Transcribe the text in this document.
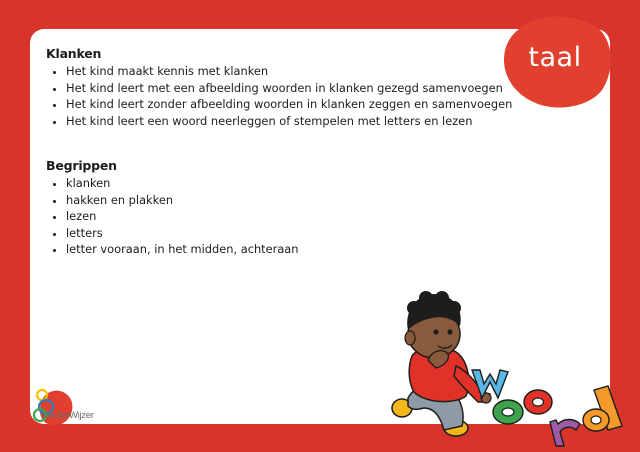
Klanken
• Het kind maakt kennis met klanken
• Het kind leert met een afbeelding woorden in klanken gezegd samenvoegen
• Het kind leert zonder afbeelding woorden in klanken zeggen en samenvoegen
• Het kind leert een woord neerleggen of stempelen met letters en lezen
Begrippen
• klanken
• hakken en plakken
• lezen
• letters
• letter vooraan, in het midden, achteraan
taal
KleuterWijzer
